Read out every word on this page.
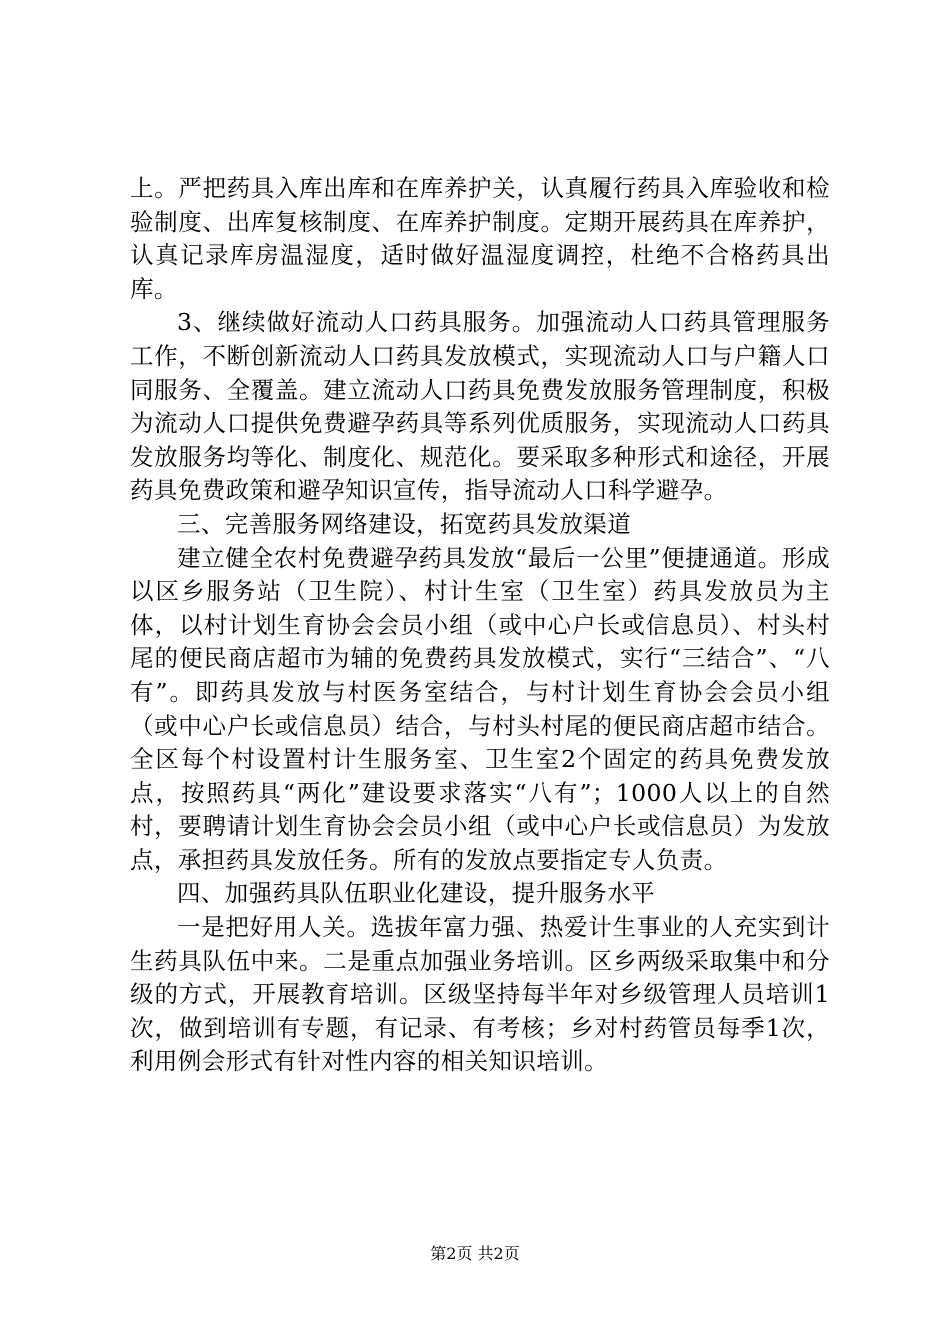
上。严把药具入库出库和在库养护关，认真履行药具入库验收和检验制度、出库复核制度、在库养护制度。定期开展药具在库养护，认真记录库房温湿度，适时做好温湿度调控，杜绝不合格药具出库。

3、继续做好流动人口药具服务。加强流动人口药具管理服务工作，不断创新流动人口药具发放模式，实现流动人口与户籍人口同服务、全覆盖。建立流动人口药具免费发放服务管理制度，积极为流动人口提供免费避孕药具等系列优质服务，实现流动人口药具发放服务均等化、制度化、规范化。要采取多种形式和途径，开展药具免费政策和避孕知识宣传，指导流动人口科学避孕。

三、完善服务网络建设，拓宽药具发放渠道

建立健全农村免费避孕药具发放“最后一公里”便捷通道。形成以区乡服务站（卫生院）、村计生室（卫生室）药具发放员为主体，以村计划生育协会会员小组（或中心户长或信息员）、村头村尾的便民商店超市为辅的免费药具发放模式，实行“三结合”、“八有”。即药具发放与村医务室结合，与村计划生育协会会员小组（或中心户长或信息员）结合，与村头村尾的便民商店超市结合。全区每个村设置村计生服务室、卫生室2个固定的药具免费发放点，按照药具“两化”建设要求落实“八有”；1000人以上的自然村，要聘请计划生育协会会员小组（或中心户长或信息员）为发放点，承担药具发放任务。所有的发放点要指定专人负责。

四、加强药具队伍职业化建设，提升服务水平

一是把好用人关。选拔年富力强、热爱计生事业的人充实到计生药具队伍中来。二是重点加强业务培训。区乡两级采取集中和分级的方式，开展教育培训。区级坚持每半年对乡级管理人员培训1次，做到培训有专题，有记录、有考核；乡对村药管员每季1次，利用例会形式有针对性内容的相关知识培训。

第2页 共2页
